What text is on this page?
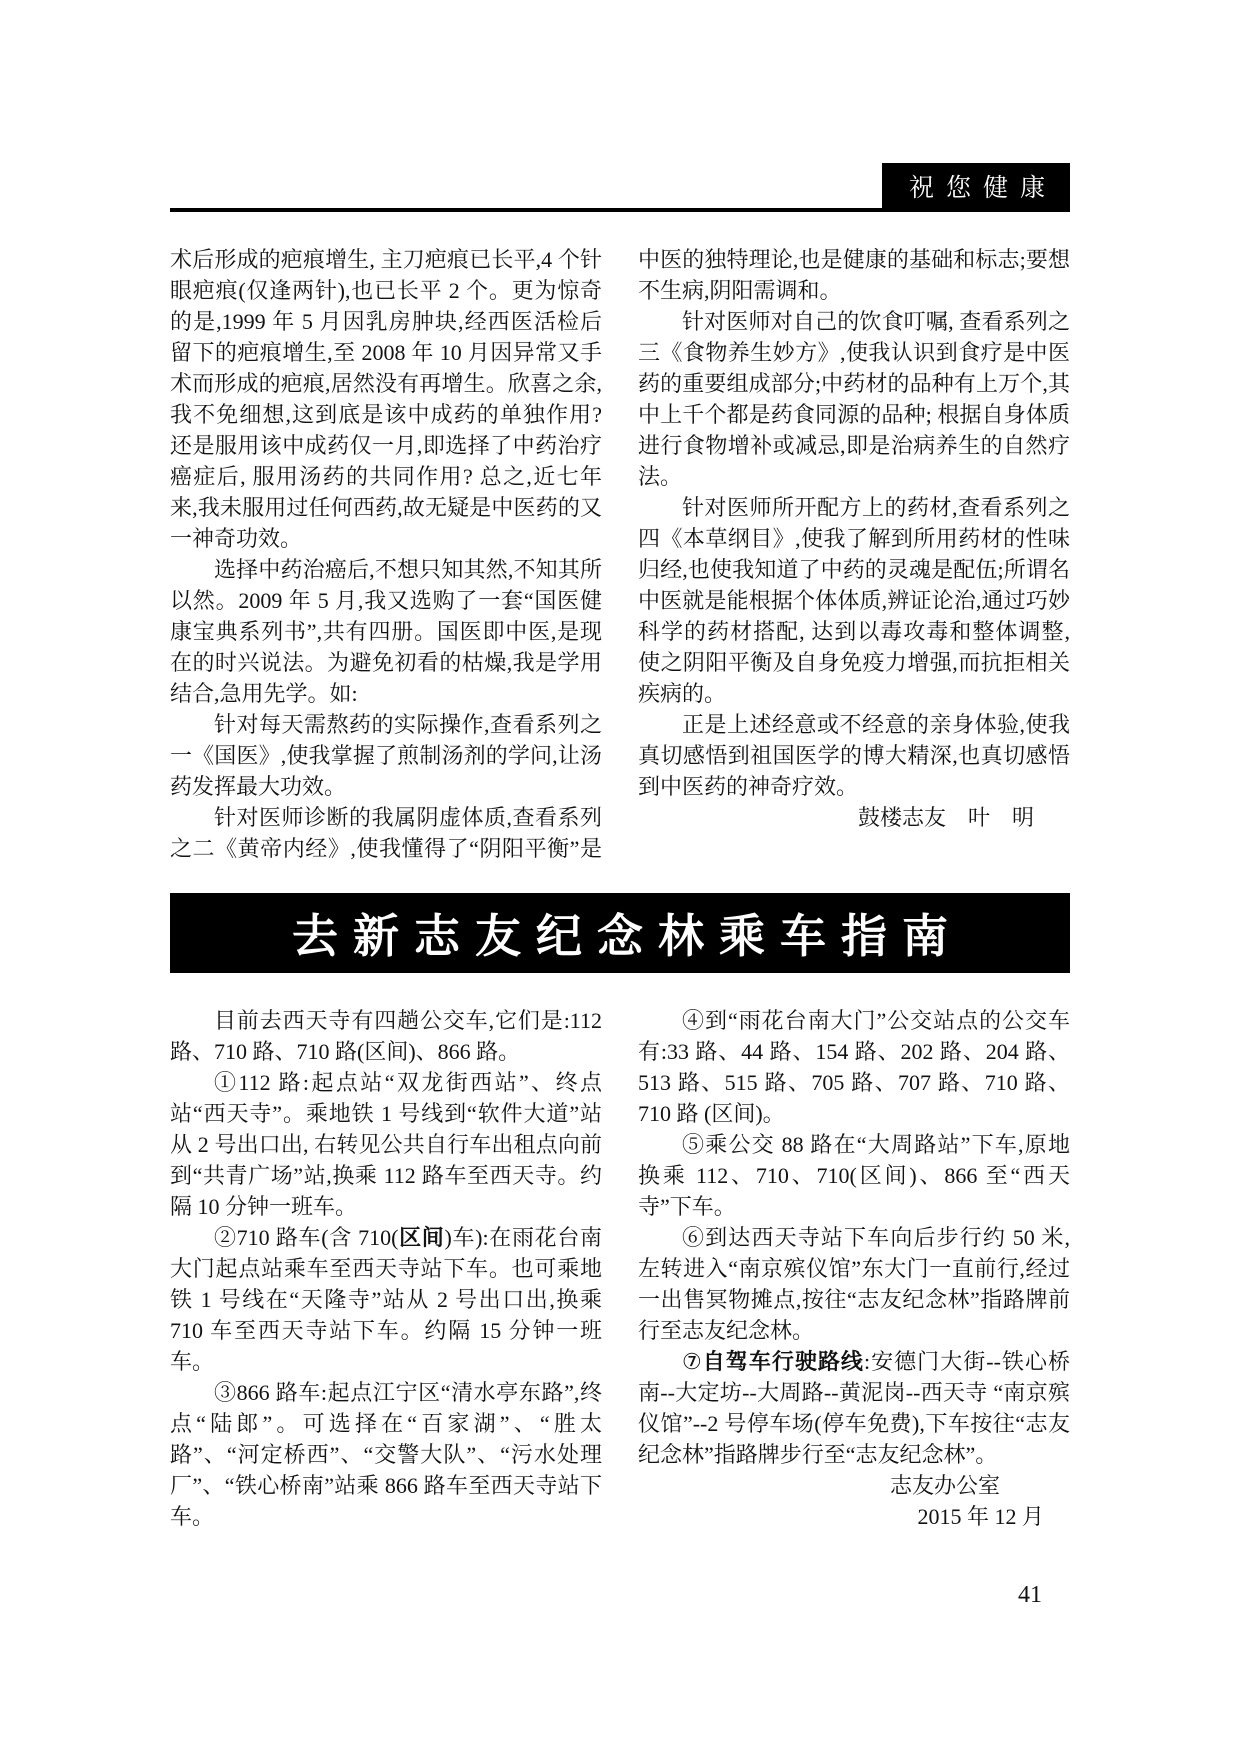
祝您健康

术后形成的疤痕增生, 主刀疤痕已长平,4 个针眼疤痕(仅逢两针),也已长平 2 个。更为惊奇的是,1999 年 5 月因乳房肿块,经西医活检后留下的疤痕增生,至 2008 年 10 月因异常又手术而形成的疤痕,居然没有再增生。欣喜之余,我不免细想,这到底是该中成药的单独作用? 还是服用该中成药仅一月,即选择了中药治疗癌症后, 服用汤药的共同作用? 总之,近七年来,我未服用过任何西药,故无疑是中医药的又一神奇功效。

选择中药治癌后,不想只知其然,不知其所以然。2009 年 5 月,我又选购了一套“国医健康宝典系列书”,共有四册。国医即中医,是现在的时兴说法。为避免初看的枯燥,我是学用结合,急用先学。如:

针对每天需熬药的实际操作,查看系列之一《国医》,使我掌握了煎制汤剂的学问,让汤药发挥最大功效。

针对医师诊断的我属阴虚体质,查看系列之二《黄帝内经》,使我懂得了“阴阳平衡”是中医的独特理论,也是健康的基础和标志;要想不生病,阴阳需调和。

针对医师对自己的饮食叮嘱, 查看系列之三《食物养生妙方》,使我认识到食疗是中医药的重要组成部分;中药材的品种有上万个,其中上千个都是药食同源的品种; 根据自身体质进行食物增补或减忌,即是治病养生的自然疗法。

针对医师所开配方上的药材,查看系列之四《本草纲目》,使我了解到所用药材的性味归经,也使我知道了中药的灵魂是配伍;所谓名中医就是能根据个体体质,辨证论治,通过巧妙科学的药材搭配, 达到以毒攻毒和整体调整,使之阴阳平衡及自身免疫力增强,而抗拒相关疾病的。

正是上述经意或不经意的亲身体验,使我真切感悟到祖国医学的博大精深,也真切感悟到中医药的神奇疗效。

鼓楼志友　叶　明

去新志友纪念林乘车指南

目前去西天寺有四趟公交车,它们是:112 路、710 路、710 路(区间)、866 路。

①112 路:起点站“双龙街西站”、终点站“西天寺”。乘地铁 1 号线到“软件大道”站从 2 号出口出, 右转见公共自行车出租点向前到“共青广场”站,换乘 112 路车至西天寺。约隔 10 分钟一班车。

②710 路车(含 710(区间)车):在雨花台南大门起点站乘车至西天寺站下车。也可乘地铁 1 号线在“天隆寺”站从 2 号出口出,换乘 710 车至西天寺站下车。约隔 15 分钟一班车。

③866 路车:起点江宁区“清水亭东路”,终点“陆郎”。可选择在“百家湖”、“胜太路”、“河定桥西”、“交警大队”、“污水处理厂”、“铁心桥南”站乘 866 路车至西天寺站下车。

④到“雨花台南大门”公交站点的公交车有:33 路、44 路、154 路、202 路、204 路、513 路、515 路、705 路、707 路、710 路、710 路 (区间)。

⑤乘公交 88 路在“大周路站”下车,原地换乘 112、710、710(区间)、866 至“西天寺”下车。

⑥到达西天寺站下车向后步行约 50 米,左转进入“南京殡仪馆”东大门一直前行,经过一出售冥物摊点,按往“志友纪念林”指路牌前行至志友纪念林。

⑦自驾车行驶路线:安德门大街--铁心桥南--大定坊--大周路--黄泥岗--西天寺 “南京殡仪馆”--2 号停车场(停车免费),下车按往“志友纪念林”指路牌步行至“志友纪念林”。

志友办公室

2015 年 12 月

41
